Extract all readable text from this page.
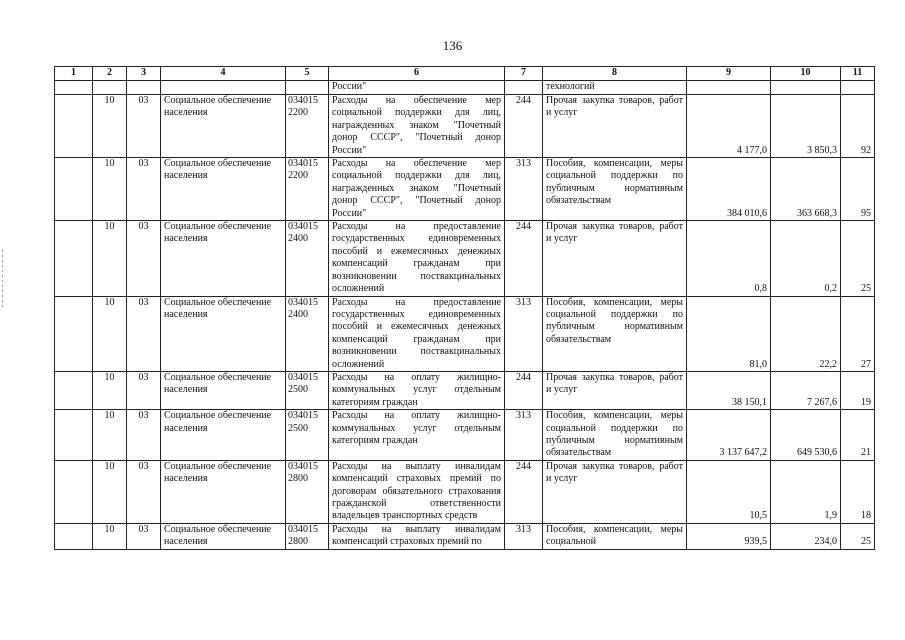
136
1	2	3	4	5	6	7	8	9	10	11
					России"		технологий			
	10	03	Социальное обеспечение населения	034015 2200	Расходы на обеспечение мер социальной поддержки для лиц, награжденных знаком "Почетный донор СССР", "Почетный донор России"	244	Прочая закупка товаров, работ и услуг	4 177,0	3 850,3	92
	10	03	Социальное обеспечение населения	034015 2200	Расходы на обеспечение мер социальной поддержки для лиц, награжденных знаком "Почетный донор СССР", "Почетный донор России"	313	Пособия, компенсации, меры социальной поддержки по публичным нормативным обязательствам	384 010,6	363 668,3	95
	10	03	Социальное обеспечение населения	034015 2400	Расходы на предоставление государственных единовременных пособий и ежемесячных денежных компенсаций гражданам при возникновении поствакцинальных осложнений	244	Прочая закупка товаров, работ и услуг	0,8	0,2	25
	10	03	Социальное обеспечение населения	034015 2400	Расходы на предоставление государственных единовременных пособий и ежемесячных денежных компенсаций гражданам при возникновении поствакцинальных осложнений	313	Пособия, компенсации, меры социальной поддержки по публичным нормативным обязательствам	81,0	22,2	27
	10	03	Социальное обеспечение населения	034015 2500	Расходы на оплату жилищно-коммунальных услуг отдельным категориям граждан	244	Прочая закупка товаров, работ и услуг	38 150,1	7 267,6	19
	10	03	Социальное обеспечение населения	034015 2500	Расходы на оплату жилищно-коммунальных услуг отдельным категориям граждан	313	Пособия, компенсации, меры социальной поддержки по публичным нормативным обязательствам	3 137 647,2	649 530,6	21
	10	03	Социальное обеспечение населения	034015 2800	Расходы на выплату инвалидам компенсаций страховых премий по договорам обязательного страхования гражданской ответственности владельцев транспортных средств	244	Прочая закупка товаров, работ и услуг	10,5	1,9	18
	10	03	Социальное обеспечение населения	034015 2800	Расходы на выплату инвалидам компенсаций страховых премий по	313	Пособия, компенсации, меры социальной	939,5	234,0	25
